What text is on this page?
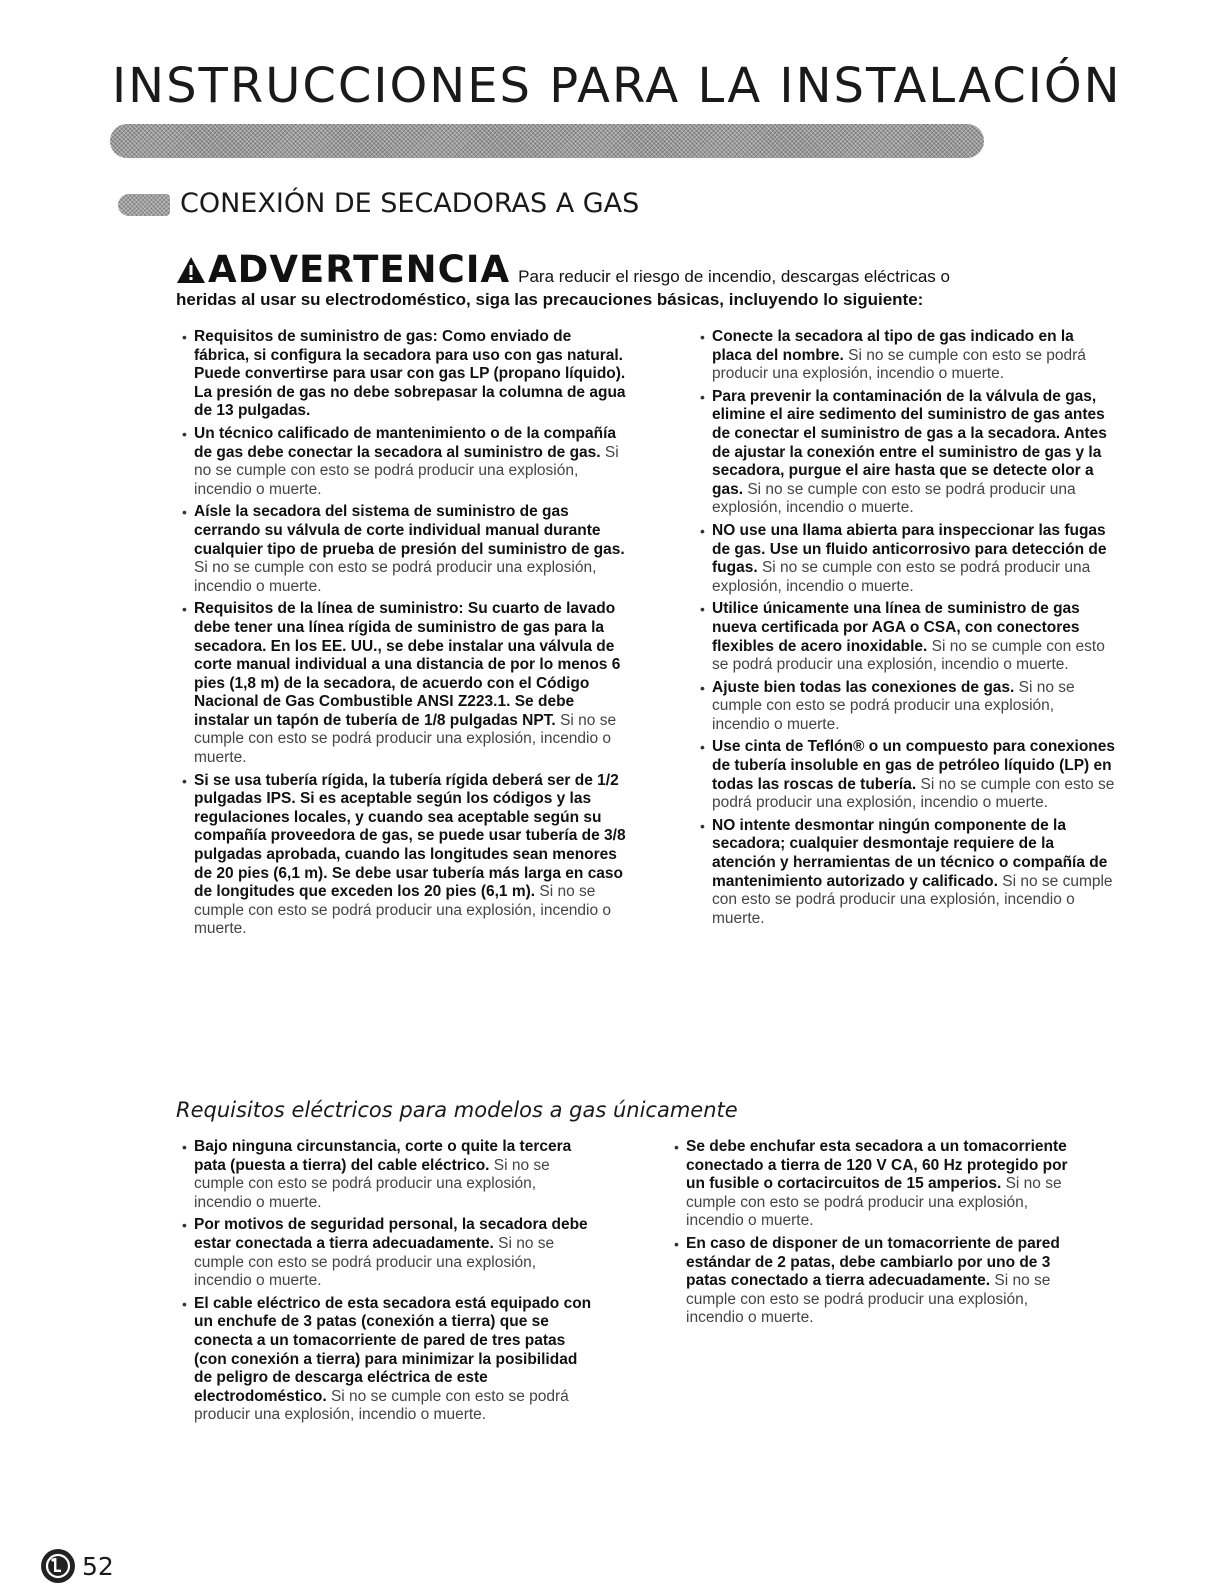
INSTRUCCIONES PARA LA INSTALACIÓN
CONEXIÓN DE SECADORAS A GAS
ADVERTENCIA Para reducir el riesgo de incendio, descargas eléctricas o
heridas al usar su electrodoméstico, siga las precauciones básicas, incluyendo lo siguiente:
• Requisitos de suministro de gas: Como enviado de fábrica, si configura la secadora para uso con gas natural. Puede convertirse para usar con gas LP (propano líquido). La presión de gas no debe sobrepasar la columna de agua de 13 pulgadas.
• Un técnico calificado de mantenimiento o de la compañía de gas debe conectar la secadora al suministro de gas. Si no se cumple con esto se podrá producir una explosión, incendio o muerte.
• Aísle la secadora del sistema de suministro de gas cerrando su válvula de corte individual manual durante cualquier tipo de prueba de presión del suministro de gas. Si no se cumple con esto se podrá producir una explosión, incendio o muerte.
• Requisitos de la línea de suministro: Su cuarto de lavado debe tener una línea rígida de suministro de gas para la secadora. En los EE. UU., se debe instalar una válvula de corte manual individual a una distancia de por lo menos 6 pies (1,8 m) de la secadora, de acuerdo con el Código Nacional de Gas Combustible ANSI Z223.1. Se debe instalar un tapón de tubería de 1/8 pulgadas NPT. Si no se cumple con esto se podrá producir una explosión, incendio o muerte.
• Si se usa tubería rígida, la tubería rígida deberá ser de 1/2 pulgadas IPS. Si es aceptable según los códigos y las regulaciones locales, y cuando sea aceptable según su compañía proveedora de gas, se puede usar tubería de 3/8 pulgadas aprobada, cuando las longitudes sean menores de 20 pies (6,1 m). Se debe usar tubería más larga en caso de longitudes que exceden los 20 pies (6,1 m). Si no se cumple con esto se podrá producir una explosión, incendio o muerte.
• Conecte la secadora al tipo de gas indicado en la placa del nombre. Si no se cumple con esto se podrá producir una explosión, incendio o muerte.
• Para prevenir la contaminación de la válvula de gas, elimine el aire sedimento del suministro de gas antes de conectar el suministro de gas a la secadora. Antes de ajustar la conexión entre el suministro de gas y la secadora, purgue el aire hasta que se detecte olor a gas. Si no se cumple con esto se podrá producir una explosión, incendio o muerte.
• NO use una llama abierta para inspeccionar las fugas de gas. Use un fluido anticorrosivo para detección de fugas. Si no se cumple con esto se podrá producir una explosión, incendio o muerte.
• Utilice únicamente una línea de suministro de gas nueva certificada por AGA o CSA, con conectores flexibles de acero inoxidable. Si no se cumple con esto se podrá producir una explosión, incendio o muerte.
• Ajuste bien todas las conexiones de gas. Si no se cumple con esto se podrá producir una explosión, incendio o muerte.
• Use cinta de Teflón® o un compuesto para conexiones de tubería insoluble en gas de petróleo líquido (LP) en todas las roscas de tubería. Si no se cumple con esto se podrá producir una explosión, incendio o muerte.
• NO intente desmontar ningún componente de la secadora; cualquier desmontaje requiere de la atención y herramientas de un técnico o compañía de mantenimiento autorizado y calificado. Si no se cumple con esto se podrá producir una explosión, incendio o muerte.
Requisitos eléctricos para modelos a gas únicamente
• Bajo ninguna circunstancia, corte o quite la tercera pata (puesta a tierra) del cable eléctrico. Si no se cumple con esto se podrá producir una explosión, incendio o muerte.
• Por motivos de seguridad personal, la secadora debe estar conectada a tierra adecuadamente. Si no se cumple con esto se podrá producir una explosión, incendio o muerte.
• El cable eléctrico de esta secadora está equipado con un enchufe de 3 patas (conexión a tierra) que se conecta a un tomacorriente de pared de tres patas (con conexión a tierra) para minimizar la posibilidad de peligro de descarga eléctrica de este electrodoméstico. Si no se cumple con esto se podrá producir una explosión, incendio o muerte.
• Se debe enchufar esta secadora a un tomacorriente conectado a tierra de 120 V CA, 60 Hz protegido por un fusible o cortacircuitos de 15 amperios. Si no se cumple con esto se podrá producir una explosión, incendio o muerte.
• En caso de disponer de un tomacorriente de pared estándar de 2 patas, debe cambiarlo por uno de 3 patas conectado a tierra adecuadamente. Si no se cumple con esto se podrá producir una explosión, incendio o muerte.
52
